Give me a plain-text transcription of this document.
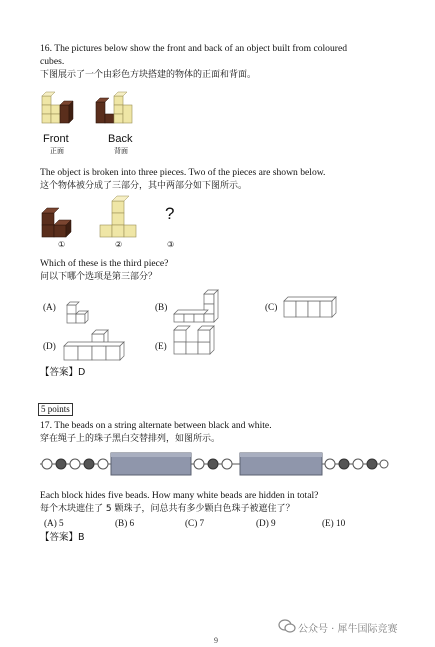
16. The pictures below show the front and back of an object built from coloured
cubes.
下图展示了一个由彩色方块搭建的物体的正面和背面。
Front
正面
Back
背面
The object is broken into three pieces. Two of the pieces are shown below.
这个物体被分成了三部分，其中两部分如下图所示。
?
①	②	③
Which of these is the third piece?
问以下哪个选项是第三部分？
(A)	(B)	(C)
(D)	(E)
【答案】D
5 points
17. The beads on a string alternate between black and white.
穿在绳子上的珠子黑白交替排列，如图所示。
Each block hides five beads. How many white beads are hidden in total?
每个木块遮住了 5 颗珠子，问总共有多少颗白色珠子被遮住了？
(A) 5	(B) 6	(C) 7	(D) 9	(E) 10
【答案】B
9
公众号 · 犀牛国际竞赛
